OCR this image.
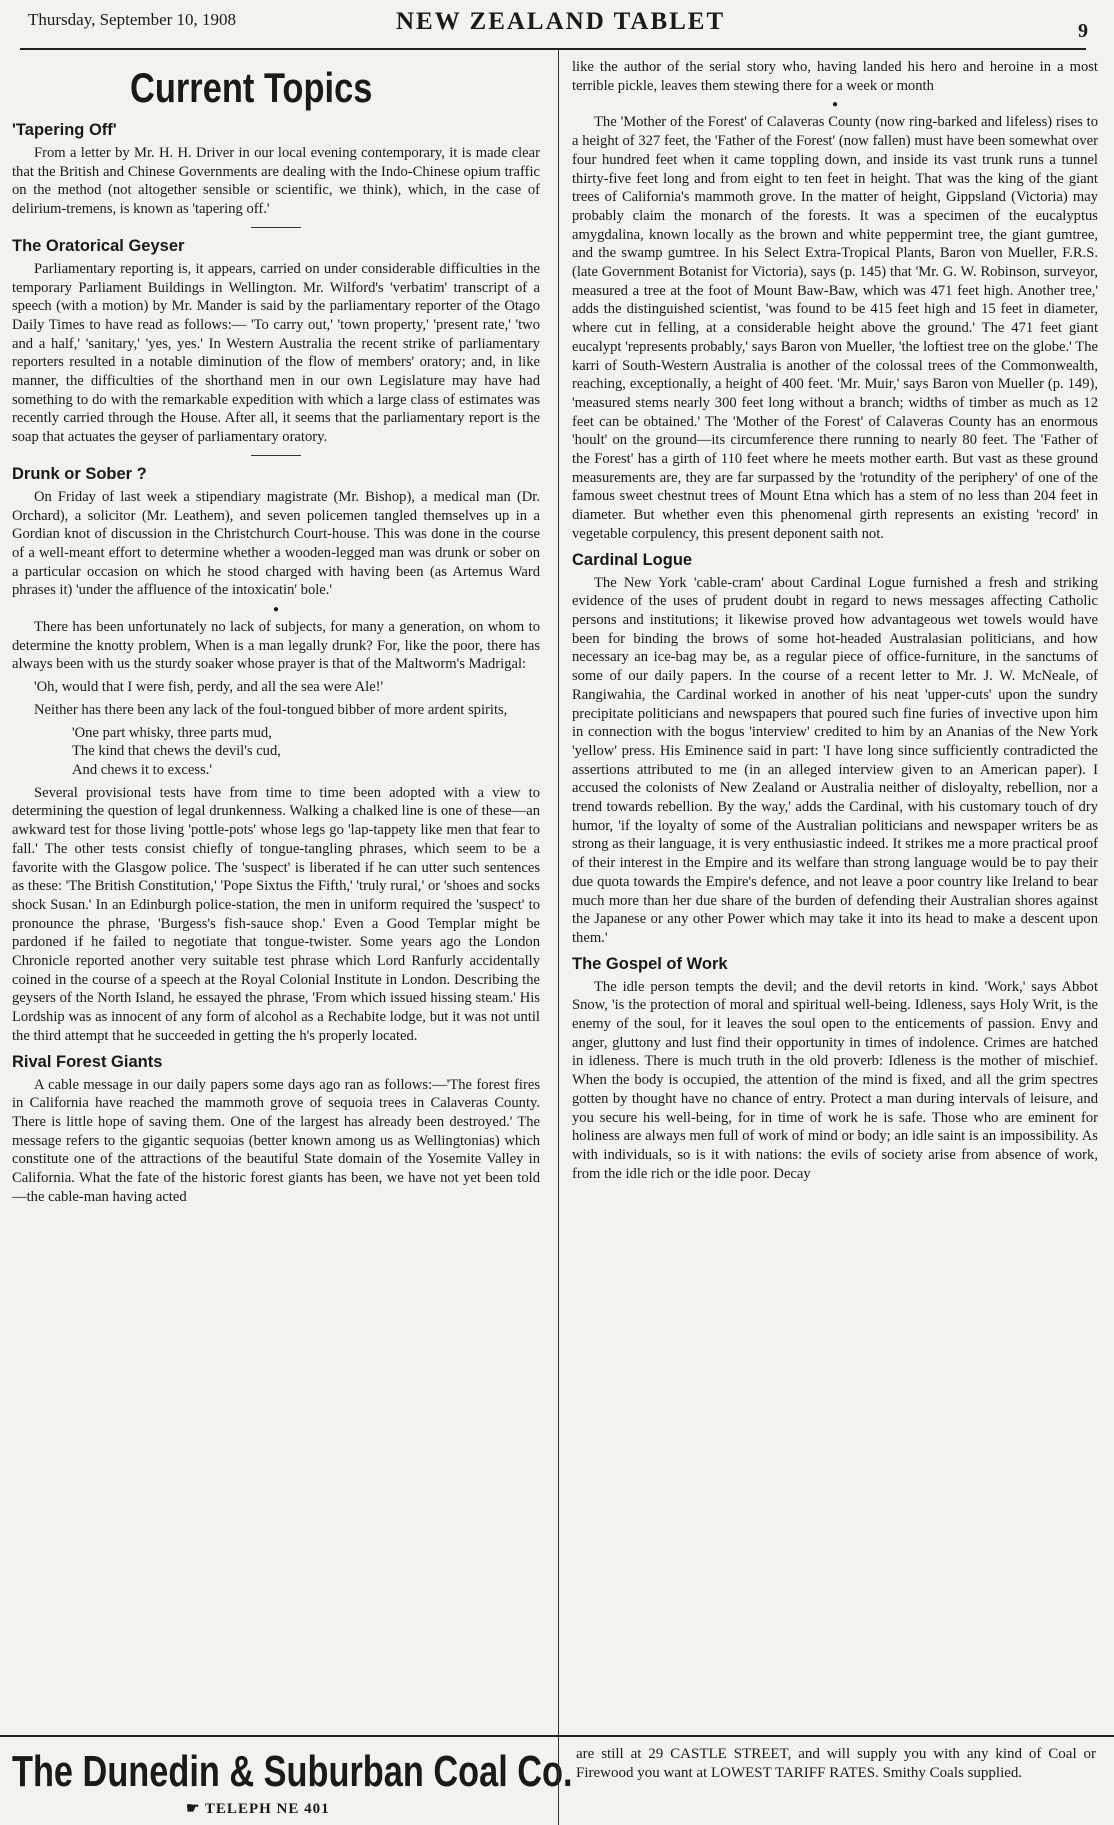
Thursday, September 10, 1908	NEW ZEALAND TABLET	9
Current Topics
'Tapering Off'

From a letter by Mr. H. H. Driver in our local evening contemporary, it is made clear that the British and Chinese Governments are dealing with the Indo-Chinese opium traffic on the method (not altogether sensible or scientific, we think), which, in the case of delirium-tremens, is known as 'tapering off.'

The Oratorical Geyser

Parliamentary reporting is, it appears, carried on under considerable difficulties in the temporary Parliament Buildings in Wellington. Mr. Wilford's 'verbatim' transcript of a speech (with a motion) by Mr. Mander is said by the parliamentary reporter of the Otago Daily Times to have read as follows:— 'To carry out,' 'town property,' 'present rate,' 'two and a half,' 'sanitary,' 'yes, yes.' In Western Australia the recent strike of parliamentary reporters resulted in a notable diminution of the flow of members' oratory; and, in like manner, the difficulties of the shorthand men in our own Legislature may have had something to do with the remarkable expedition with which a large class of estimates was recently carried through the House. After all, it seems that the parliamentary report is the soap that actuates the geyser of parliamentary oratory.

Drunk or Sober ?

On Friday of last week a stipendiary magistrate (Mr. Bishop), a medical man (Dr. Orchard), a solicitor (Mr. Leathem), and seven policemen tangled themselves up in a Gordian knot of discussion in the Christchurch Court-house. This was done in the course of a well-meant effort to determine whether a wooden-legged man was drunk or sober on a particular occasion on which he stood charged with having been (as Artemus Ward phrases it) 'under the affluence of the intoxicatin' bole.'

●

There has been unfortunately no lack of subjects, for many a generation, on whom to determine the knotty problem, When is a man legally drunk? For, like the poor, there has always been with us the sturdy soaker whose prayer is that of the Maltworm's Madrigal:

'Oh, would that I were fish, perdy, and all the sea were Ale!'

Neither has there been any lack of the foul-tongued bibber of more ardent spirits,

'One part whisky, three parts mud,
The kind that chews the devil's cud,
And chews it to excess.'

Several provisional tests have from time to time been adopted with a view to determining the question of legal drunkenness. Walking a chalked line is one of these—an awkward test for those living 'pottle-pots' whose legs go 'lap-tappety like men that fear to fall.' The other tests consist chiefly of tongue-tangling phrases, which seem to be a favorite with the Glasgow police. The 'suspect' is liberated if he can utter such sentences as these: 'The British Constitution,' 'Pope Sixtus the Fifth,' 'truly rural,' or 'shoes and socks shock Susan.' In an Edinburgh police-station, the men in uniform required the 'suspect' to pronounce the phrase, 'Burgess's fish-sauce shop.' Even a Good Templar might be pardoned if he failed to negotiate that tongue-twister. Some years ago the London Chronicle reported another very suitable test phrase which Lord Ranfurly accidentally coined in the course of a speech at the Royal Colonial Institute in London. Describing the geysers of the North Island, he essayed the phrase, 'From which issued hissing steam.' His Lordship was as innocent of any form of alcohol as a Rechabite lodge, but it was not until the third attempt that he succeeded in getting the h's properly located.

Rival Forest Giants

A cable message in our daily papers some days ago ran as follows:—'The forest fires in California have reached the mammoth grove of sequoia trees in Calaveras County. There is little hope of saving them. One of the largest has already been destroyed.' The message refers to the gigantic sequoias (better known among us as Wellingtonias) which constitute one of the attractions of the beautiful State domain of the Yosemite Valley in California. What the fate of the historic forest giants has been, we have not yet been told—the cable-man having acted

like the author of the serial story who, having landed his hero and heroine in a most terrible pickle, leaves them stewing there for a week or month

●

The 'Mother of the Forest' of Calaveras County (now ring-barked and lifeless) rises to a height of 327 feet, the 'Father of the Forest' (now fallen) must have been somewhat over four hundred feet when it came toppling down, and inside its vast trunk runs a tunnel thirty-five feet long and from eight to ten feet in height. That was the king of the giant trees of California's mammoth grove. In the matter of height, Gippsland (Victoria) may probably claim the monarch of the forests. It was a specimen of the eucalyptus amygdalina, known locally as the brown and white peppermint tree, the giant gumtree, and the swamp gumtree. In his Select Extra-Tropical Plants, Baron von Mueller, F.R.S. (late Government Botanist for Victoria), says (p. 145) that 'Mr. G. W. Robinson, surveyor, measured a tree at the foot of Mount Baw-Baw, which was 471 feet high. Another tree,' adds the distinguished scientist, 'was found to be 415 feet high and 15 feet in diameter, where cut in felling, at a considerable height above the ground.' The 471 feet giant eucalypt 'represents probably,' says Baron von Mueller, 'the loftiest tree on the globe.' The karri of South-Western Australia is another of the colossal trees of the Commonwealth, reaching, exceptionally, a height of 400 feet. 'Mr. Muir,' says Baron von Mueller (p. 149), 'measured stems nearly 300 feet long without a branch; widths of timber as much as 12 feet can be obtained.' The 'Mother of the Forest' of Calaveras County has an enormous 'hoult' on the ground—its circumference there running to nearly 80 feet. The 'Father of the Forest' has a girth of 110 feet where he meets mother earth. But vast as these ground measurements are, they are far surpassed by the 'rotundity of the periphery' of one of the famous sweet chestnut trees of Mount Etna which has a stem of no less than 204 feet in diameter. But whether even this phenomenal girth represents an existing 'record' in vegetable corpulency, this present deponent saith not.

Cardinal Logue

The New York 'cable-cram' about Cardinal Logue furnished a fresh and striking evidence of the uses of prudent doubt in regard to news messages affecting Catholic persons and institutions; it likewise proved how advantageous wet towels would have been for binding the brows of some hot-headed Australasian politicians, and how necessary an ice-bag may be, as a regular piece of office-furniture, in the sanctums of some of our daily papers. In the course of a recent letter to Mr. J. W. McNeale, of Rangiwahia, the Cardinal worked in another of his neat 'upper-cuts' upon the sundry precipitate politicians and newspapers that poured such fine furies of invective upon him in connection with the bogus 'interview' credited to him by an Ananias of the New York 'yellow' press. His Eminence said in part: 'I have long since sufficiently contradicted the assertions attributed to me (in an alleged interview given to an American paper). I accused the colonists of New Zealand or Australia neither of disloyalty, rebellion, nor a trend towards rebellion. By the way,' adds the Cardinal, with his customary touch of dry humor, 'if the loyalty of some of the Australian politicians and newspaper writers be as strong as their language, it is very enthusiastic indeed. It strikes me a more practical proof of their interest in the Empire and its welfare than strong language would be to pay their due quota towards the Empire's defence, and not leave a poor country like Ireland to bear much more than her due share of the burden of defending their Australian shores against the Japanese or any other Power which may take it into its head to make a descent upon them.'

The Gospel of Work

The idle person tempts the devil; and the devil retorts in kind. 'Work,' says Abbot Snow, 'is the protection of moral and spiritual well-being. Idleness, says Holy Writ, is the enemy of the soul, for it leaves the soul open to the enticements of passion. Envy and anger, gluttony and lust find their opportunity in times of indolence. Crimes are hatched in idleness. There is much truth in the old proverb: Idleness is the mother of mischief. When the body is occupied, the attention of the mind is fixed, and all the grim spectres gotten by thought have no chance of entry. Protect a man during intervals of leisure, and you secure his well-being, for in time of work he is safe. Those who are eminent for holiness are always men full of work of mind or body; an idle saint is an impossibility. As with individuals, so is it with nations: the evils of society arise from absence of work, from the idle rich or the idle poor. Decay

The Dunedin & Suburban Coal Co.
☛ TELEPH NE 401
are still at 29 CASTLE STREET, and will supply you with any kind of Coal or Firewood you want at LOWEST TARIFF RATES. Smithy Coals supplied.
